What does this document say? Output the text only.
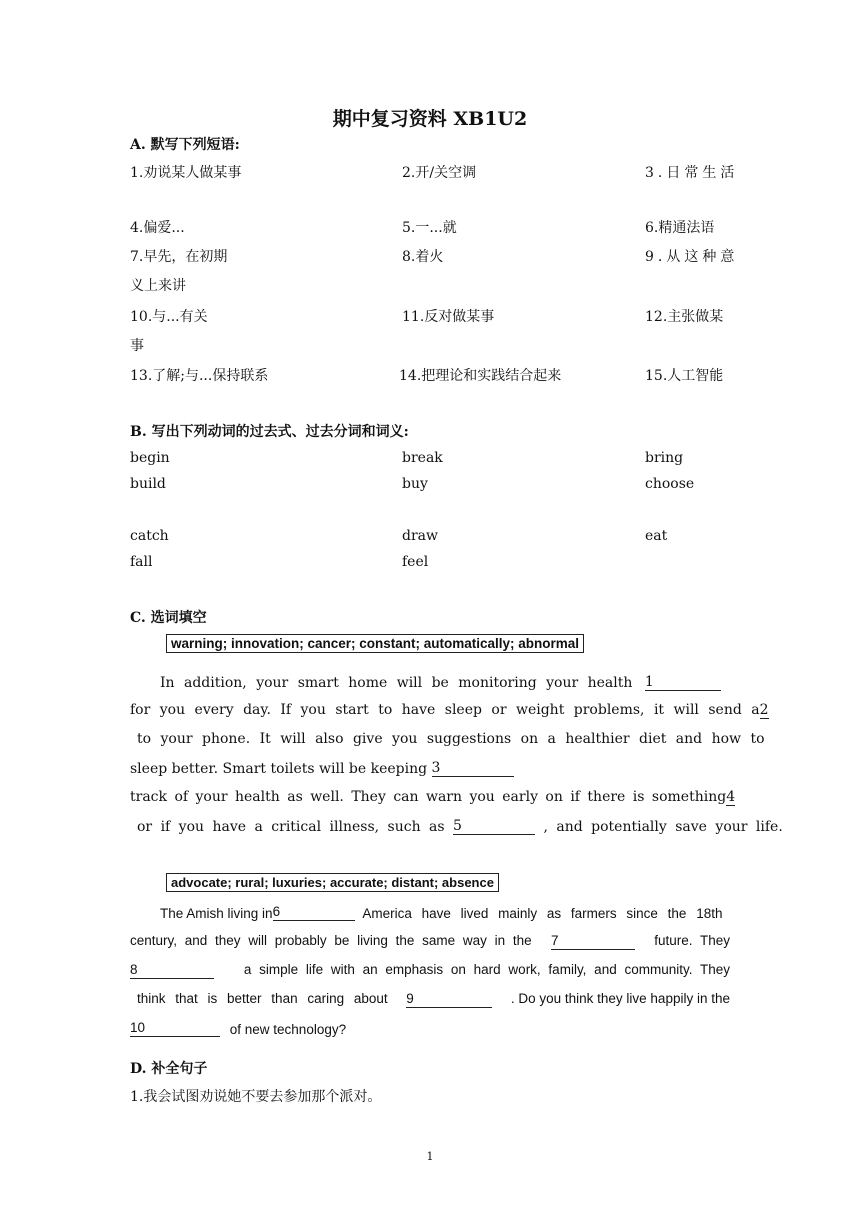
期中复习资料 XB1U2
A. 默写下列短语:
1.劝说某人做某事	2.开/关空调	3.日常生活
4.偏爱...	5.一...就	6.精通法语
7.早先，在初期	8.着火	9.从这种意
义上来讲
10.与...有关	11.反对做某事	12.主张做某
事
13.了解;与...保持联系	14.把理论和实践结合起来	15.人工智能
B. 写出下列动词的过去式、过去分词和词义:
begin	break	bring
build	buy	choose
catch	draw	eat
fall	feel
C. 选词填空
warning; innovation; cancer; constant; automatically; abnormal
In addition, your smart home will be monitoring your health 1
for you every day. If you start to have sleep or weight problems, it will send a 2
to your phone. It will also give you suggestions on a healthier diet and how to
sleep better. Smart toilets will be keeping 3
track of your health as well. They can warn you early on if there is something 4
or if you have a critical illness, such as 5	, and potentially save your life.
advocate; rural; luxuries; accurate; distant; absence
The Amish living in6	America have lived mainly as farmers since the 18th
century, and they will probably be living the same way in the 7	future. They
8	a simple life with an emphasis on hard work, family, and community. They
think that is better than caring about 9	. Do you think they live happily in the
10	of new technology?
D. 补全句子
1.我会试图劝说她不要去参加那个派对。
1
